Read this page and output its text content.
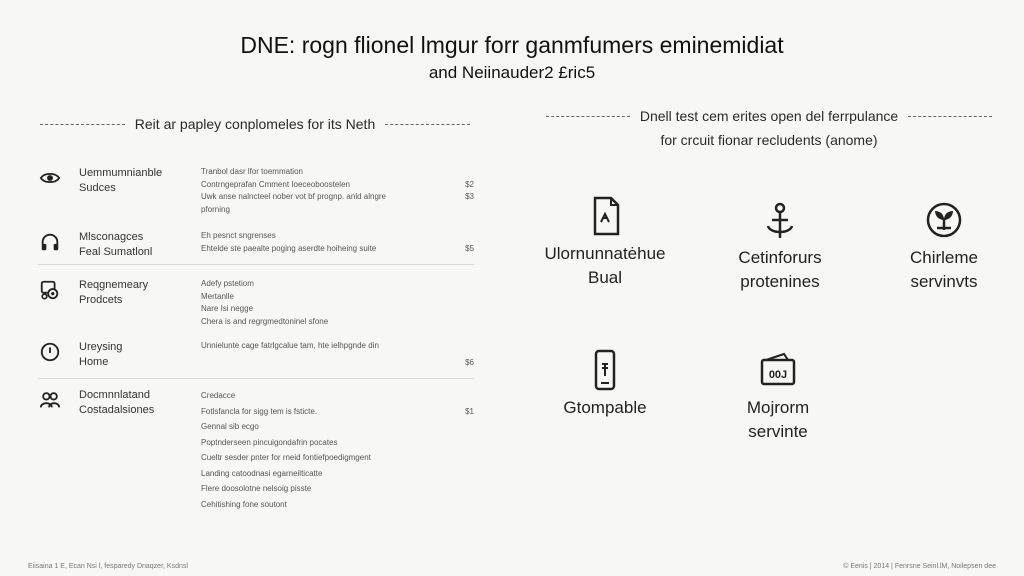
DNE: rogn flionel lmgur forr ganmfumers eminemidiat
and Neiinauder2 £ric5
Reit ar papley conplomeles for its Neth
Uemmumnianble
Sudces
Tranbol dasr lfor toemmation
Contrngeprafan Cmment Ioeceoboostelen
Uwk anse nalncteel nober vot bf prognp. anld alngre
pforning

$2
$3

Mlsconagces
Feal Sumatlonl
Eh pesnct sngrenses
Ehtelde ste paealte poging aserdte hoiheing suite
	$5
Reqgnemeary
Prodcets
Adefy pstetiom
Mertanlle
Nare Isi negge
Chera is and regrgmedtoninel sfone
Ureysing
Home
Unnielunte cage fatrlgcalue tam, hte ielhpgnde din
$6
Docmnnlatand
Costadalsiones
Credacce
Fotlsfancla for sigg tem is fsticte.
Gennal sib ecgo
Poptnderseen pincuigondafrin pocates
Cueltr sesder pnter for rneid fontiefpoedigmgent
Landing catoodnasi egarneilticatte
Flere doosolotne nelsoig pisste
Cehitishing fone soutont

$1
Dnell test cem erites open del ferrpulance
for crcuit fionar recludents (anome)
Ulornunnatėhue
Bual
Cetinforurs
protenines
Chirleme
servinvts
Gtompable
00J
Mojrorm
servinte
Eiisaina 1 E, Ecan Nsi l, fesparedy Dnaqzer, Ksdnsl	© Eenis | 2014 | Fenrsne Seinl.lM, Noilepsen dee
